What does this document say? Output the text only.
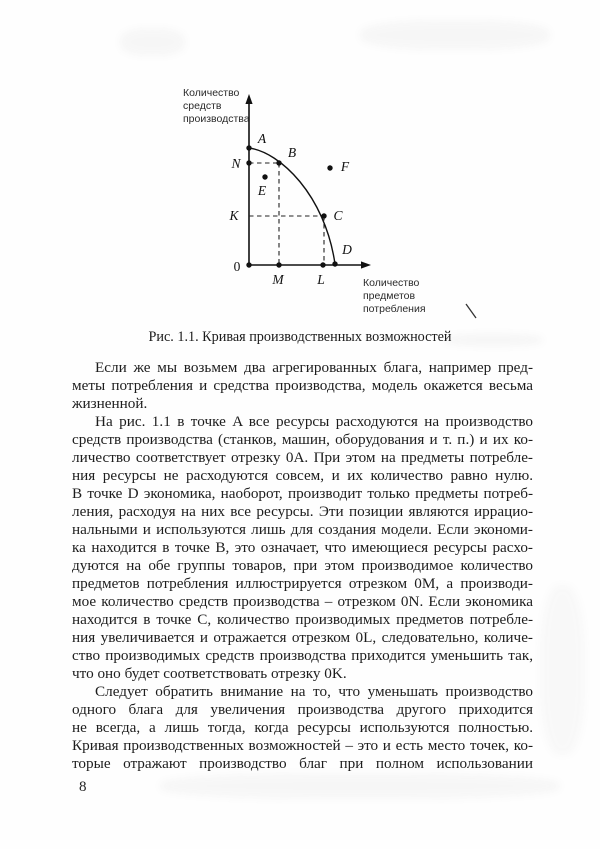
Количество
средств
производства
Количество
предметов
потребления
A
N
B
E
F
K	C
D
M L
0
Рис. 1.1. Кривая производственных возможностей
Если же мы возьмем два агрегированных блага, например пред-
меты потребления и средства производства, модель окажется весьма
жизненной.
На рис. 1.1 в точке A все ресурсы расходуются на производство
средств производства (станков, машин, оборудования и т. п.) и их ко-
личество соответствует отрезку 0A. При этом на предметы потребле-
ния ресурсы не расходуются совсем, и их количество равно нулю.
В точке D экономика, наоборот, производит только предметы потреб-
ления, расходуя на них все ресурсы. Эти позиции являются иррацио-
нальными и используются лишь для создания модели. Если экономи-
ка находится в точке B, это означает, что имеющиеся ресурсы расхо-
дуются на обе группы товаров, при этом производимое количество
предметов потребления иллюстрируется отрезком 0M, а производи-
мое количество средств производства – отрезком 0N. Если экономика
находится в точке C, количество производимых предметов потребле-
ния увеличивается и отражается отрезком 0L, следовательно, количе-
ство производимых средств производства приходится уменьшить так,
что оно будет соответствовать отрезку 0K.
Следует обратить внимание на то, что уменьшать производство
одного блага для увеличения производства другого приходится
не всегда, а лишь тогда, когда ресурсы используются полностью.
Кривая производственных возможностей – это и есть место точек, ко-
торые отражают производство благ при полном использовании
8
